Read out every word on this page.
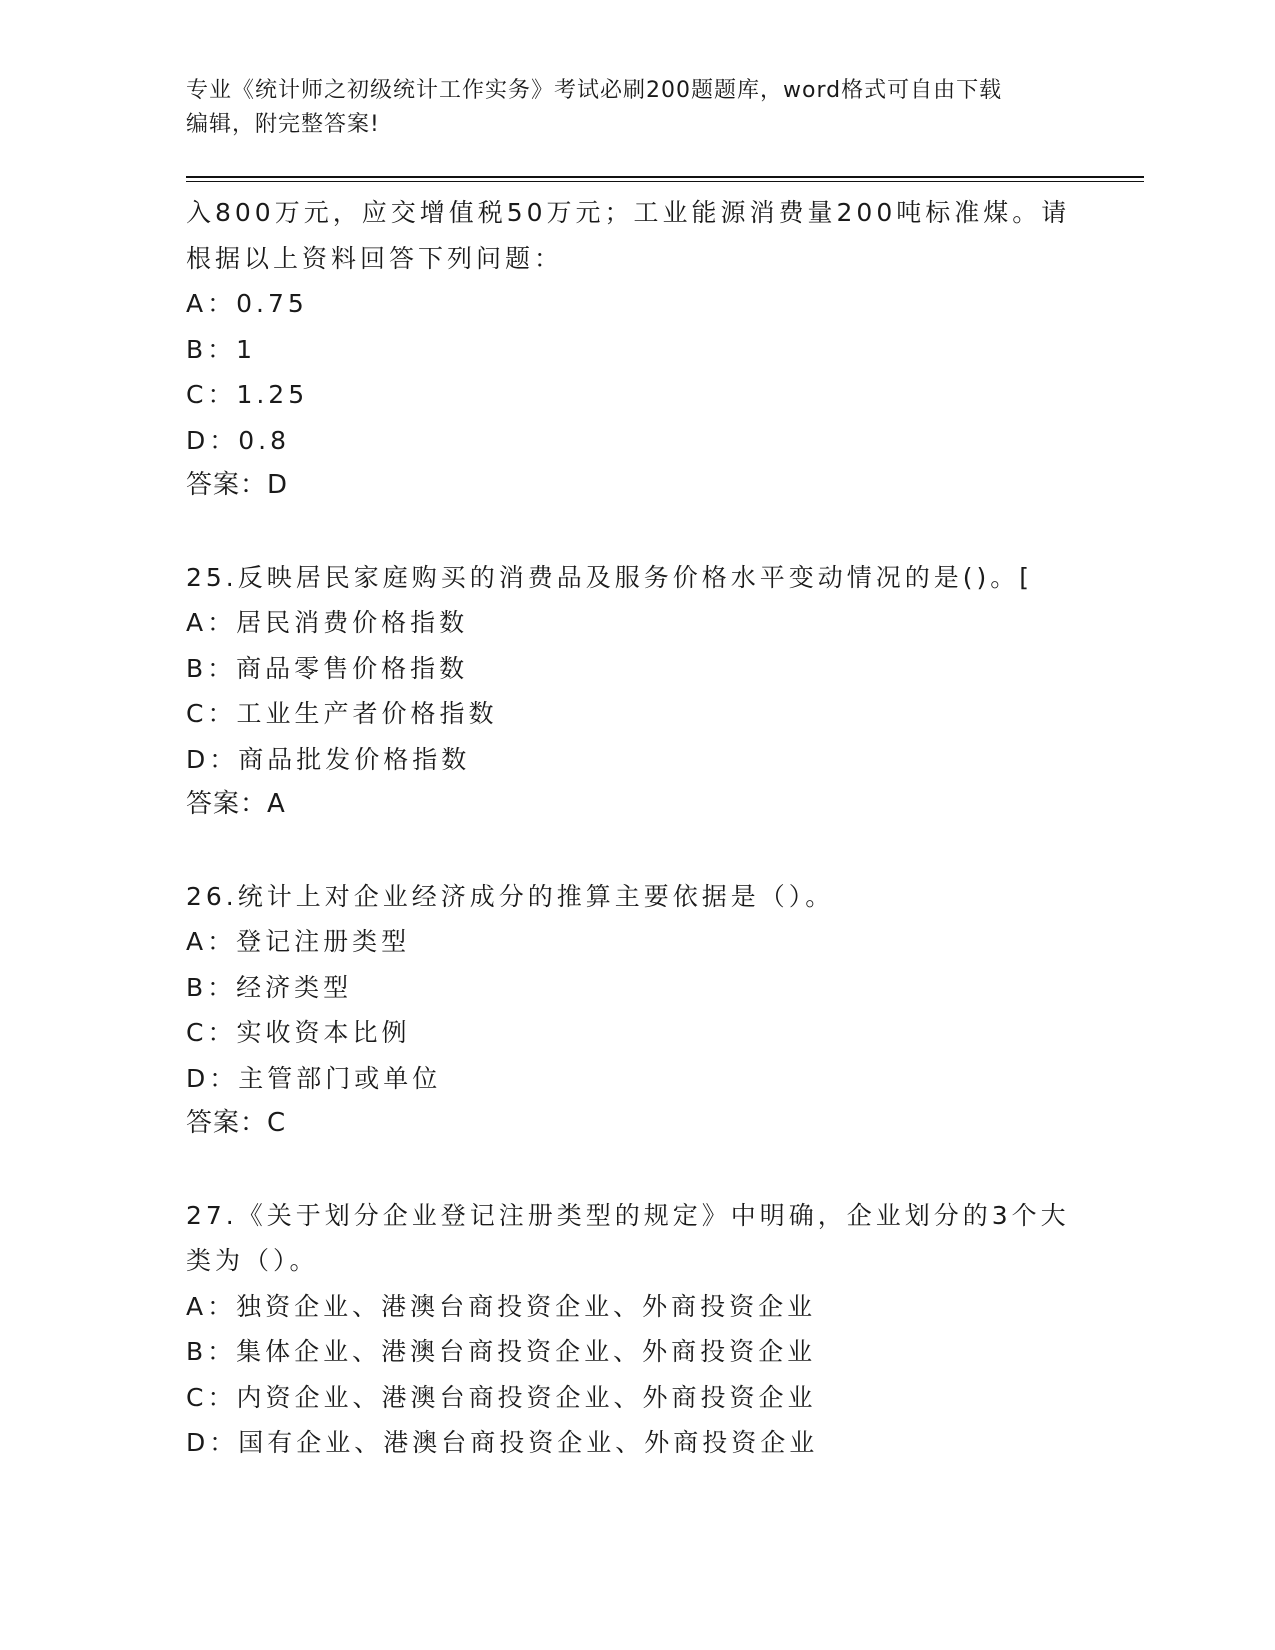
专业《统计师之初级统计工作实务》考试必刷200题题库，word格式可自由下载
编辑，附完整答案!
入800万元，应交增值税50万元；工业能源消费量200吨标准煤。请
根据以上资料回答下列问题：
A：0.75
B：1
C：1.25
D：0.8
答案：D
25.反映居民家庭购买的消费品及服务价格水平变动情况的是()。[
A：居民消费价格指数
B：商品零售价格指数
C：工业生产者价格指数
D：商品批发价格指数
答案：A
26.统计上对企业经济成分的推算主要依据是（）。
A：登记注册类型
B：经济类型
C：实收资本比例
D：主管部门或单位
答案：C
27.《关于划分企业登记注册类型的规定》中明确，企业划分的3个大
类为（）。
A：独资企业、港澳台商投资企业、外商投资企业
B：集体企业、港澳台商投资企业、外商投资企业
C：内资企业、港澳台商投资企业、外商投资企业
D：国有企业、港澳台商投资企业、外商投资企业
